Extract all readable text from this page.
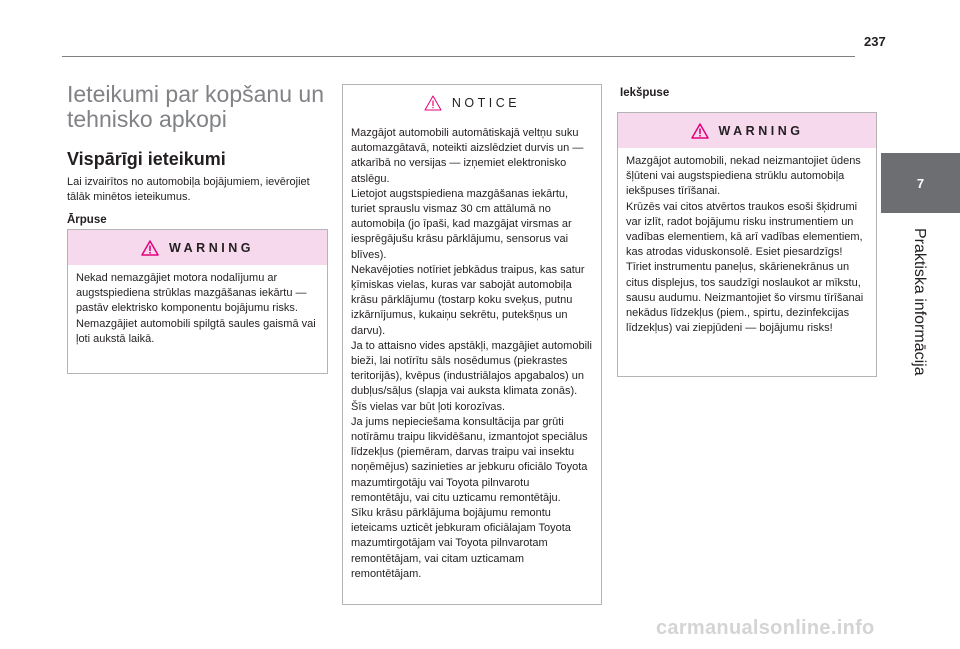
237
7
Praktiska informācija
Ieteikumi par kopšanu un
tehnisko apkopi
Vispārīgi ieteikumi
Lai izvairītos no automobiļa bojājumiem, ievērojiet tālāk minētos ieteikumus.
Ārpuse
WARNING
Nekad nemazgājiet motora nodalījumu ar augstspiediena strūklas mazgāšanas iekārtu — pastāv elektrisko komponentu bojājumu risks.
Nemazgājiet automobili spilgtā saules gaismā vai ļoti aukstā laikā.
NOTICE
Mazgājot automobili automātiskajā veltņu suku automazgātavā, noteikti aizslēdziet durvis un — atkarībā no versijas — izņemiet elektronisko atslēgu.
Lietojot augstspiediena mazgāšanas iekārtu, turiet sprauslu vismaz 30 cm attālumā no automobiļa (jo īpaši, kad mazgājat virsmas ar iesprēgājušu krāsu pārklājumu, sensorus vai blīves).
Nekavējoties notīriet jebkādus traipus, kas satur ķīmiskas vielas, kuras var sabojāt automobiļa krāsu pārklājumu (tostarp koku sveķus, putnu izkārnījumus, kukaiņu sekrētu, putekšņus un darvu).
Ja to attaisno vides apstākļi, mazgājiet automobili bieži, lai notīrītu sāls nosēdumus (piekrastes teritorijās), kvēpus (industriālajos apgabalos) un dubļus/sāļus (slapja vai auksta klimata zonās). Šīs vielas var būt ļoti korozīvas.
Ja jums nepieciešama konsultācija par grūti notīrāmu traipu likvidēšanu, izmantojot speciālus līdzekļus (piemēram, darvas traipu vai insektu noņēmējus) sazinieties ar jebkuru oficiālo Toyota mazumtirgotāju vai Toyota pilnvarotu remontētāju, vai citu uzticamu remontētāju.
Sīku krāsu pārklājuma bojājumu remontu ieteicams uzticēt jebkuram oficiālajam Toyota mazumtirgotājam vai Toyota pilnvarotam remontētājam, vai citam uzticamam remontētājam.
Iekšpuse
WARNING
Mazgājot automobili, nekad neizmantojiet ūdens šļūteni vai augstspiediena strūklu automobiļa iekšpuses tīrīšanai.
Krūzēs vai citos atvērtos traukos esoši šķidrumi var izlīt, radot bojājumu risku instrumentiem un vadības elementiem, kā arī vadības elementiem, kas atrodas viduskonsolē. Esiet piesardzīgs!
Tīriet instrumentu paneļus, skārienekrānus un citus displejus, tos saudzīgi noslaukot ar mīkstu, sausu audumu. Neizmantojiet šo virsmu tīrīšanai nekādus līdzekļus (piem., spirtu, dezinfekcijas līdzekļus) vai ziepjūdeni — bojājumu risks!
carmanualsonline.info
